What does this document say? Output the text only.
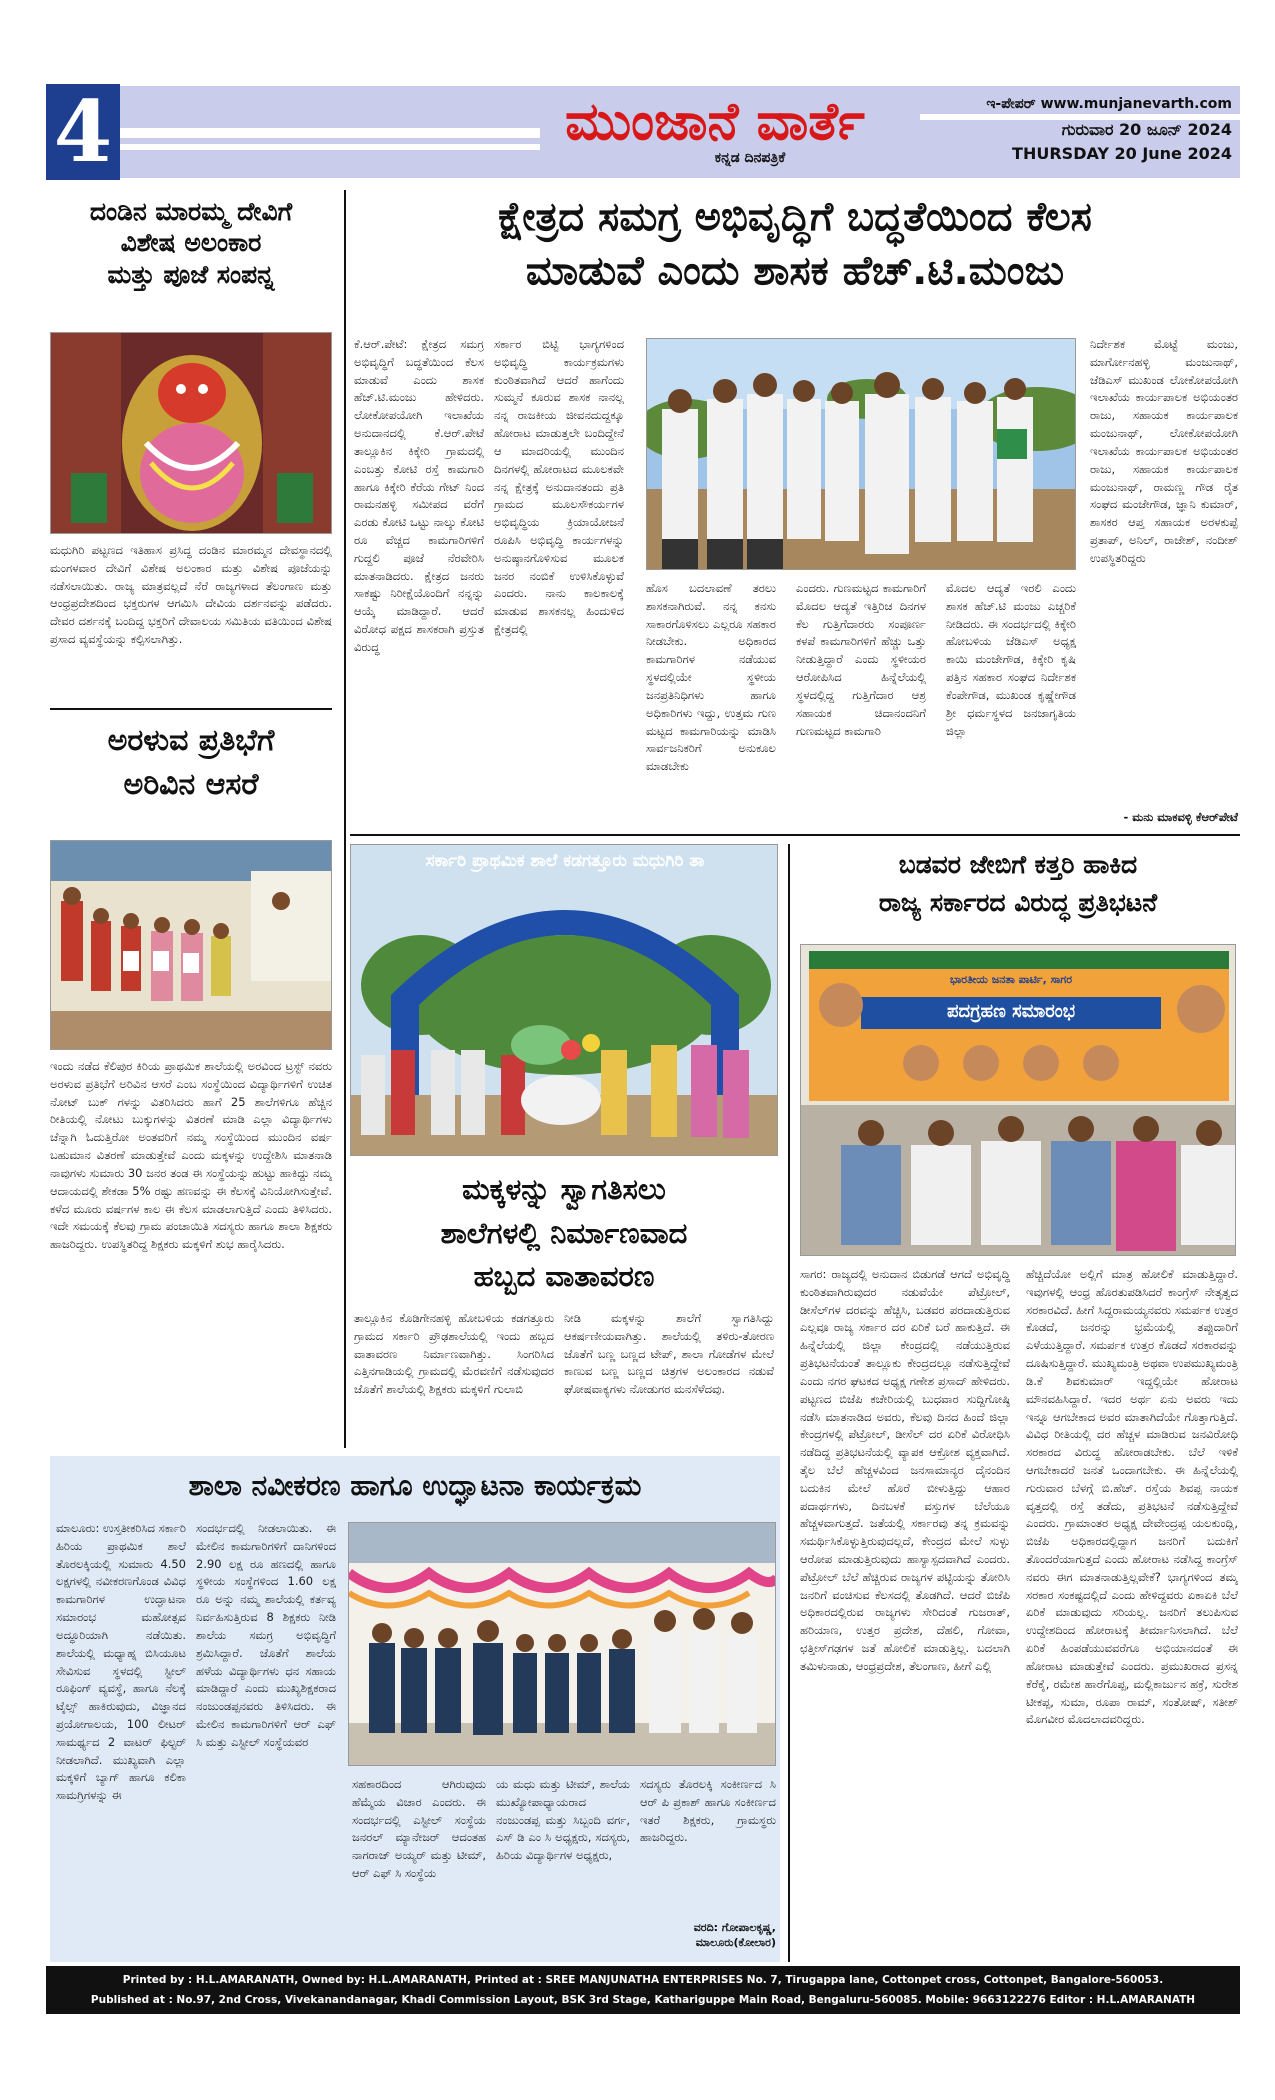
4	ಮುಂಜಾನೆ ವಾರ್ತೆ
ಕನ್ನಡ ದಿನಪತ್ರಿಕೆ
ಇ-ಪೇಪರ್ www.munjanevarth.com
ಗುರುವಾರ 20 ಜೂನ್ 2024
THURSDAY 20 June 2024
ದಂಡಿನ ಮಾರಮ್ಮ ದೇವಿಗೆ
ವಿಶೇಷ ಅಲಂಕಾರ
ಮತ್ತು ಪೂಜೆ ಸಂಪನ್ನ
ಮಧುಗಿರಿ ಪಟ್ಟಣದ ಇತಿಹಾಸ ಪ್ರಸಿದ್ಧ ದಂಡಿನ ಮಾರಮ್ಮನ ದೇವಸ್ಥಾನದಲ್ಲಿ ಮಂಗಳವಾರ ದೇವಿಗೆ ವಿಶೇಷ ಅಲಂಕಾರ ಮತ್ತು ವಿಶೇಷ ಪೂಜೆಯನ್ನು ನಡೆಸಲಾಯಿತು. ರಾಜ್ಯ ಮಾತ್ರವಲ್ಲದೆ ನೆರೆ ರಾಜ್ಯಗಳಾದ ತೆಲಂಗಾಣ ಮತ್ತು ಆಂಧ್ರಪ್ರದೇಶದಿಂದ ಭಕ್ತರುಗಳ ಆಗಮಿಸಿ ದೇವಿಯ ದರ್ಶನವನ್ನು ಪಡೆದರು. ದೇವರ ದರ್ಶನಕ್ಕೆ ಬಂದಿದ್ದ ಭಕ್ತರಿಗೆ ದೇವಾಲಯ ಸಮಿತಿಯ ವತಿಯಿಂದ ವಿಶೇಷ ಪ್ರಸಾದ ವ್ಯವಸ್ಥೆಯನ್ನು ಕಲ್ಪಿಸಲಾಗಿತ್ತು.
ಅರಳುವ ಪ್ರತಿಭೆಗೆ
ಅರಿವಿನ ಆಸರೆ
ಇಂದು ನಡೆದ ಕೆಲಿಪುರ ಕಿರಿಯ ಪ್ರಾಥಮಿಕ ಶಾಲೆಯಲ್ಲಿ ಅರವಿಂದ ಟ್ರಸ್ಟ್ ನವರು ಅರಳುವ ಪ್ರತಿಭೆಗೆ ಅರಿವಿನ ಆಸರೆ ಎಂಬ ಸಂಸ್ಥೆಯಿಂದ ವಿದ್ಯಾರ್ಥಿಗಳಿಗೆ ಉಚಿತ ನೋಟ್ ಬುಕ್ ಗಳನ್ನು ವಿತರಿಸಿದರು ಹಾಗೆ 25 ಶಾಲೆಗಳಿಗೂ ಹೆಚ್ಚಿನ ರೀತಿಯಲ್ಲಿ ನೋಟು ಬುಕ್ಕುಗಳನ್ನು ವಿತರಣೆ ಮಾಡಿ ಎಲ್ಲಾ ವಿದ್ಯಾರ್ಥಿಗಳು ಚೆನ್ನಾಗಿ ಓದುತ್ತಿರೋ ಅಂತವರಿಗೆ ನಮ್ಮ ಸಂಸ್ಥೆಯಿಂದ ಮುಂದಿನ ವರ್ಷ ಬಹುಮಾನ ವಿತರಣೆ ಮಾಡುತ್ತೇವೆ ಎಂದು ಮಕ್ಕಳನ್ನು ಉದ್ದೇಶಿಸಿ ಮಾತನಾಡಿ ನಾವುಗಳು ಸುಮಾರು 30 ಜನರ ತಂಡ ಈ ಸಂಸ್ಥೆಯನ್ನು ಹುಟ್ಟು ಹಾಕಿದ್ದು ನಮ್ಮ ಆದಾಯದಲ್ಲಿ ಶೇಕಡಾ 5% ರಷ್ಟು ಹಣವನ್ನು ಈ ಕೆಲಸಕ್ಕೆ ವಿನಿಯೋಗಿಸುತ್ತೇವೆ. ಕಳೆದ ಮೂರು ವರ್ಷಗಳ ಕಾಲ ಈ ಕೆಲಸ ಮಾಡಲಾಗುತ್ತಿದೆ ಎಂದು ತಿಳಿಸಿದರು. ಇದೇ ಸಮಯಕ್ಕೆ ಕೆಲವು ಗ್ರಾಮ ಪಂಚಾಯಿತಿ ಸದಸ್ಯರು ಹಾಗೂ ಶಾಲಾ ಶಿಕ್ಷಕರು ಹಾಜರಿದ್ದರು. ಉಪಸ್ಥಿತರಿದ್ದ ಶಿಕ್ಷಕರು ಮಕ್ಕಳಿಗೆ ಶುಭ ಹಾರೈಸಿದರು.
ಕ್ಷೇತ್ರದ ಸಮಗ್ರ ಅಭಿವೃದ್ಧಿಗೆ ಬದ್ಧತೆಯಿಂದ ಕೆಲಸ
ಮಾಡುವೆ ಎಂದು ಶಾಸಕ ಹೆಚ್.ಟಿ.ಮಂಜು
ಕೆ.ಆರ್.ಪೇಟೆ: ಕ್ಷೇತ್ರದ ಸಮಗ್ರ ಅಭಿವೃದ್ಧಿಗೆ ಬದ್ಧತೆಯಿಂದ ಕೆಲಸ ಮಾಡುವೆ ಎಂದು ಶಾಸಕ ಹೆಚ್.ಟಿ.ಮಂಜು ಹೇಳಿದರು. ಲೋಕೋಪಯೋಗಿ ಇಲಾಖೆಯ ಅನುದಾನದಲ್ಲಿ ಕೆ.ಆರ್.ಪೇಟೆ ತಾಲ್ಲೂಕಿನ ಕಿಕ್ಕೇರಿ ಗ್ರಾಮದಲ್ಲಿ ಎಂಬತ್ತು ಕೋಟಿ ರಸ್ತೆ ಕಾಮಗಾರಿ ಹಾಗೂ ಕಿಕ್ಕೇರಿ ಕೆರೆಯ ಗೇಟ್ ನಿಂದ ರಾಮನಹಳ್ಳಿ ಸಮೀಪದ ವರೆಗೆ ಎರಡು ಕೋಟಿ ಒಟ್ಟು ನಾಲ್ಕು ಕೋಟಿ ರೂ ವೆಚ್ಚದ ಕಾಮಗಾರಿಗಳಿಗೆ ಗುದ್ದಲಿ ಪೂಜೆ ನೆರವೇರಿಸಿ ಮಾತನಾಡಿದರು. ಕ್ಷೇತ್ರದ ಜನರು ಸಾಕಷ್ಟು ನಿರೀಕ್ಷೆಯೊಂದಿಗೆ ನನ್ನನ್ನು ಆಯ್ಕೆ ಮಾಡಿದ್ದಾರೆ. ಆದರೆ ವಿರೋಧ ಪಕ್ಷದ ಶಾಸಕರಾಗಿ ಪ್ರಸ್ತುತ ವಿರುದ್ಧ
ಸರ್ಕಾರ ಬಿಟ್ಟಿ ಭಾಗ್ಯಗಳಿಂದ ಅಭಿವೃದ್ಧಿ ಕಾರ್ಯಕ್ರಮಗಳು ಕುಂಠಿತವಾಗಿದೆ ಆದರೆ ಹಾಗೆಂದು ಸುಮ್ಮನೆ ಕೂರುವ ಶಾಸಕ ನಾನಲ್ಲ ನನ್ನ ರಾಜಕೀಯ ಜೀವನದುದ್ದಕ್ಕೂ ಹೋರಾಟ ಮಾಡುತ್ತಲೇ ಬಂದಿದ್ದೇನೆ ಆ ಮಾದರಿಯಲ್ಲಿ ಮುಂದಿನ ದಿನಗಳಲ್ಲಿ ಹೋರಾಟದ ಮೂಲಕವೇ ನನ್ನ ಕ್ಷೇತ್ರಕ್ಕೆ ಅನುದಾನತಂದು ಪ್ರತಿ ಗ್ರಾಮದ ಮೂಲಸೌಕರ್ಯಗಳ ಅಭಿವೃದ್ಧಿಯ ಕ್ರಿಯಾಯೋಜನೆ ರೂಪಿಸಿ ಅಭಿವೃದ್ಧಿ ಕಾರ್ಯಗಳನ್ನು ಅನುಷ್ಠಾನಗೊಳಿಸುವ ಮೂಲಕ ಜನರ ನಂಬಿಕೆ ಉಳಿಸಿಕೊಳ್ಳುವೆ ಎಂದರು. ನಾನು ಕಾಲಕಾಲಕ್ಕೆ ಮಾಡುವ ಶಾಸಕನಲ್ಲ ಹಿಂದುಳಿದ ಕ್ಷೇತ್ರದಲ್ಲಿ
ಹೊಸ ಬದಲಾವಣೆ ತರಲು ಶಾಸಕನಾಗಿರುವೆ. ನನ್ನ ಕನಸು ಸಾಕಾರಗೊಳಿಸಲು ಎಲ್ಲರೂ ಸಹಕಾರ ನೀಡಬೇಕು. ಅಧಿಕಾರದ ಕಾಮಗಾರಿಗಳ ನಡೆಯುವ ಸ್ಥಳದಲ್ಲಿಯೇ ಸ್ಥಳೀಯ ಜನಪ್ರತಿನಿಧಿಗಳು ಹಾಗೂ ಅಧಿಕಾರಿಗಳು ಇದ್ದು, ಉತ್ತಮ ಗುಣ ಮಟ್ಟದ ಕಾಮಗಾರಿಯನ್ನು ಮಾಡಿಸಿ ಸಾರ್ವಜನಿಕರಿಗೆ ಅನುಕೂಲ ಮಾಡಬೇಕು
ಎಂದರು. ಗುಣಮಟ್ಟದ ಕಾಮಗಾರಿಗೆ ಮೊದಲ ಆದ್ಯತೆ ಇತ್ತಿರಿಚ ದಿನಗಳ ಕೆಲ ಗುತ್ತಿಗೆದಾರರು ಸಂಪೂರ್ಣ ಕಳಪೆ ಕಾಮಗಾರಿಗಳಿಗೆ ಹೆಚ್ಚು ಒತ್ತು ನೀಡುತ್ತಿದ್ದಾರೆ ಎಂದು ಸ್ಥಳೀಯರ ಆರೋಪಿಸಿದ ಹಿನ್ನೆಲೆಯಲ್ಲಿ ಸ್ಥಳದಲ್ಲಿದ್ದ ಗುತ್ತಿಗೆದಾರ ಆಶ್ರ ಸಹಾಯಕ ಚಿದಾನಂದನಿಗೆ ಗುಣಮಟ್ಟದ ಕಾಮಗಾರಿ
ಮೊದಲ ಆದ್ಯತೆ ಇರಲಿ ಎಂದು ಶಾಸಕ ಹೆಚ್.ಟಿ ಮಂಜು ಎಚ್ಚರಿಕೆ ನೀಡಿದರು. ಈ ಸಂದರ್ಭದಲ್ಲಿ ಕಿಕ್ಕೇರಿ ಹೋಬಳಿಯ ಜೆಡಿಎಸ್ ಅಧ್ಯಕ್ಷ ಕಾಯಿ ಮಂಜೇಗೌಡ, ಕಿಕ್ಕೇರಿ ಕೃಷಿ ಪತ್ತಿನ ಸಹಕಾರ ಸಂಘದ ನಿರ್ದೇಶಕ ಕೆಂಪೇಗೌಡ, ಮುಖಂಡ ಕೃಷ್ಣೇಗೌಡ ಶ್ರೀ ಧರ್ಮಸ್ಥಳದ ಜನಜಾಗೃತಿಯ ಜಿಲ್ಲಾ
ನಿರ್ದೇಶಕ ಮೊಟ್ಟೆ ಮಂಜು, ಮಾರ್ಗೋನಹಳ್ಳಿ ಮಂಜುನಾಥ್, ಜೆಡಿಎಸ್ ಮುಖಂಡ ಲೋಕೋಪಯೋಗಿ ಇಲಾಖೆಯ ಕಾರ್ಯಪಾಲಕ ಅಭಿಯಂತರ ರಾಜು, ಸಹಾಯಕ ಕಾರ್ಯಪಾಲಕ ಮಂಜುನಾಥ್, ಲೋಕೋಪಯೋಗಿ ಇಲಾಖೆಯ ಕಾರ್ಯಪಾಲಕ ಅಭಿಯಂತರ ರಾಜು, ಸಹಾಯಕ ಕಾರ್ಯಪಾಲಕ ಮಂಜುನಾಥ್, ರಾಮಣ್ಣ ಗೌಡ ರೈತ ಸಂಘದ ಮಂಜೇಗೌಡ, ಜ್ಞಾನಿ ಕುಮಾರ್, ಶಾಸಕರ ಆಪ್ತ ಸಹಾಯಕ ಅರಳಕುಪ್ಪೆ ಪ್ರತಾಪ್, ಅನಿಲ್, ರಾಜೇಶ್, ನಂದೀಶ್ ಉಪಸ್ಥಿತರಿದ್ದರು
- ಮನು ಮಾಕವಳ್ಳಿ ಕೆಆರ್‌ಪೇಟೆ
ಸರ್ಕಾರಿ ಪ್ರಾಥಮಿಕ ಶಾಲೆ ಕಡಗತ್ತೂರು ಮಧುಗಿರಿ ತಾ
ಮಕ್ಕಳನ್ನು ಸ್ವಾಗತಿಸಲು
ಶಾಲೆಗಳಲ್ಲಿ ನಿರ್ಮಾಣವಾದ
ಹಬ್ಬದ ವಾತಾವರಣ
ತಾಲ್ಲೂಕಿನ ಕೊಡಿಗೇನಹಳ್ಳಿ ಹೋಬಳಿಯ ಕಡಗತ್ತೂರು ಗ್ರಾಮದ ಸರ್ಕಾರಿ ಪ್ರೌಢಶಾಲೆಯಲ್ಲಿ ಇಂದು ಹಬ್ಬದ ವಾತಾವರಣ ನಿರ್ಮಾಣವಾಗಿತ್ತು. ಸಿಂಗರಿಸಿದ ಎತ್ತಿನಗಾಡಿಯಲ್ಲಿ ಗ್ರಾಮದಲ್ಲಿ ಮೆರವಣಿಗೆ ನಡೆಸುವುದರ ಜೊತೆಗೆ ಶಾಲೆಯಲ್ಲಿ ಶಿಕ್ಷಕರು ಮಕ್ಕಳಿಗೆ ಗುಲಾಬಿ
ನೀಡಿ ಮಕ್ಕಳನ್ನು ಶಾಲೆಗೆ ಸ್ವಾಗತಿಸಿದ್ದು ಆಕರ್ಷಣೀಯವಾಗಿತ್ತು. ಶಾಲೆಯಲ್ಲಿ ತಳಿರು-ತೋರಣ ಜೊತೆಗೆ ಬಣ್ಣ ಬಣ್ಣದ ಟೇಪ್, ಶಾಲಾ ಗೋಡೆಗಳ ಮೇಲೆ ಕಾಣುವ ಬಣ್ಣ ಬಣ್ಣದ ಚಿತ್ರಗಳ ಅಲಂಕಾರದ ನಡುವೆ ಘೋಷವಾಕ್ಯಗಳು ನೋಡುಗರ ಮನಸೆಳೆದವು.
ಬಡವರ ಜೇಬಿಗೆ ಕತ್ತರಿ ಹಾಕಿದ
ರಾಜ್ಯ ಸರ್ಕಾರದ ವಿರುದ್ಧ ಪ್ರತಿಭಟನೆ
ಭಾರತೀಯ ಜನತಾ ಪಾರ್ಟಿ, ಸಾಗರ
ಪದಗ್ರಹಣ ಸಮಾರಂಭ
ಸಾಗರ: ರಾಜ್ಯದಲ್ಲಿ ಅನುದಾನ ಬಿಡುಗಡೆ ಆಗದೆ ಅಭಿವೃದ್ಧಿ ಕುಂಠಿತವಾಗಿರುವುದರ ನಡುವೆಯೇ ಪೆಟ್ರೋಲ್, ಡೀಸೆಲ್‌ಗಳ ದರವನ್ನು ಹೆಚ್ಚಿಸಿ, ಬಡವರ ಪರದಾಡುತ್ತಿರುವ ಎಲ್ಲವೂ ರಾಜ್ಯ ಸರ್ಕಾರ ದರ ಏರಿಕೆ ಬರೆ ಹಾಕುತ್ತಿದೆ. ಈ ಹಿನ್ನೆಲೆಯಲ್ಲಿ ಜಿಲ್ಲಾ ಕೇಂದ್ರದಲ್ಲಿ ನಡೆಯುತ್ತಿರುವ ಪ್ರತಿಭಟನೆಯಂತೆ ತಾಲ್ಲೂಕು ಕೇಂದ್ರದಲ್ಲೂ ನಡೆಸುತ್ತಿದ್ದೇವೆ ಎಂದು ನಗರ ಘಟಕದ ಅಧ್ಯಕ್ಷ ಗಣೇಶ ಪ್ರಸಾದ್ ಹೇಳಿದರು. ಪಟ್ಟಣದ ಬಿಜೆಪಿ ಕಚೇರಿಯಲ್ಲಿ ಬುಧವಾರ ಸುದ್ದಿಗೋಷ್ಠಿ ನಡೆಸಿ ಮಾತನಾಡಿದ ಅವರು, ಕೆಲವು ದಿನದ ಹಿಂದೆ ಜಿಲ್ಲಾ ಕೇಂದ್ರಗಳಲ್ಲಿ ಪೆಟ್ರೋಲ್, ಡೀಸೆಲ್ ದರ ಏರಿಕೆ ವಿರೋಧಿಸಿ ನಡೆದಿದ್ದ ಪ್ರತಿಭಟನೆಯಲ್ಲಿ ವ್ಯಾಪಕ ಆಕ್ರೋಶ ವ್ಯಕ್ತವಾಗಿದೆ. ತೈಲ ಬೆಲೆ ಹೆಚ್ಚಳವಿಂದ ಜನಸಾಮಾನ್ಯರ ದೈನಂದಿನ ಬದುಕಿನ ಮೇಲೆ ಹೊರೆ ಬೀಳುತ್ತಿದ್ದು ಆಹಾರ ಪದಾರ್ಥಗಳು, ದಿನಬಳಕೆ ವಸ್ತುಗಳ ಬೆಲೆಯೂ ಹೆಚ್ಚಳವಾಗುತ್ತದೆ. ಜತೆಯಲ್ಲಿ ಸರ್ಕಾರವು ತನ್ನ ಕ್ರಮವನ್ನು ಸಮರ್ಥಿಸಿಕೊಳ್ಳುತ್ತಿರುವುದಲ್ಲದೆ, ಕೇಂದ್ರದ ಮೇಲೆ ಸುಳ್ಳು ಆರೋಪ ಮಾಡುತ್ತಿರುವುದು ಹಾಸ್ಯಾಸ್ಪದವಾಗಿದೆ ಎಂದರು. ಪೆಟ್ರೋಲ್ ಬೆಲೆ ಹೆಚ್ಚಿರುವ ರಾಜ್ಯಗಳ ಪಟ್ಟಿಯನ್ನು ತೋರಿಸಿ ಜನರಿಗೆ ವಂಚಿಸುವ ಕೆಲಸದಲ್ಲಿ ತೊಡಗಿದೆ. ಆದರೆ ಬಿಜೆಪಿ ಅಧಿಕಾರದಲ್ಲಿರುವ ರಾಜ್ಯಗಳು ಸೇರಿದಂತೆ ಗುಜರಾತ್, ಹರಿಯಾಣ, ಉತ್ತರ ಪ್ರದೇಶ, ದೆಹಲಿ, ಗೋವಾ, ಛತ್ತೀಸ್‌ಗಢಗಳ ಜತೆ ಹೋಲಿಕೆ ಮಾಡುತ್ತಿಲ್ಲ. ಬದಲಾಗಿ ತಮಿಳುನಾಡು, ಆಂಧ್ರಪ್ರದೇಶ, ತೆಲಂಗಾಣ, ಹೀಗೆ ಎಲ್ಲಿ
ಹೆಚ್ಚಿದೆಯೋ ಅಲ್ಲಿಗೆ ಮಾತ್ರ ಹೋಲಿಕೆ ಮಾಡುತ್ತಿದ್ದಾರೆ. ಇವುಗಳಲ್ಲಿ ಆಂಧ್ರ ಹೊರತುಪಡಿಸಿದರೆ ಕಾಂಗ್ರೆಸ್ ನೇತೃತ್ವದ ಸರಕಾರವಿದೆ. ಹೀಗೆ ಸಿದ್ದರಾಮಯ್ಯನವರು ಸಮರ್ಪಕ ಉತ್ತರ ಕೊಡದೆ, ಜನರನ್ನು ಭ್ರಮೆಯಲ್ಲಿ ತಪ್ಪುದಾರಿಗೆ ಎಳೆಯುತ್ತಿದ್ದಾರೆ. ಸಮರ್ಪಕ ಉತ್ತರ ಕೊಡದೆ ಸರಕಾರವನ್ನು ದೂಷಿಸುತ್ತಿದ್ದಾರೆ. ಮುಖ್ಯಮಂತ್ರಿ ಅಥವಾ ಉಪಮುಖ್ಯಮಂತ್ರಿ ಡಿ.ಕೆ ಶಿವಕುಮಾರ್ ಇದ್ದಲ್ಲಿಯೇ ಹೋರಾಟ ಮೌನವಹಿಸಿದ್ದಾರೆ. ಇದರ ಅರ್ಥ ಏನು ಅವರು ಇದು ಇನ್ನೂ ಆಗಬೇಕಾದ ಅವರ ಮಾತಾಗಿದೆಯೇ ಗೊತ್ತಾಗುತ್ತಿದೆ. ವಿವಿಧ ರೀತಿಯಲ್ಲಿ ದರ ಹೆಚ್ಚಳ ಮಾಡಿರುವ ಜನವಿರೋಧಿ ಸರಕಾರದ ವಿರುದ್ಧ ಹೋರಾಡಬೇಕು. ಬೆಲೆ ಇಳಿಕೆ ಆಗಬೇಕಾದರೆ ಜನತೆ ಒಂದಾಗಬೇಕು. ಈ ಹಿನ್ನೆಲೆಯಲ್ಲಿ ಗುರುವಾರ ಬೆಳಗ್ಗೆ ಬಿ.ಹೆಚ್. ರಸ್ತೆಯ ಶಿವಪ್ಪ ನಾಯಕ ವೃತ್ತದಲ್ಲಿ ರಸ್ತೆ ತಡೆದು, ಪ್ರತಿಭಟನೆ ನಡೆಸುತ್ತಿದ್ದೇವೆ ಎಂದರು. ಗ್ರಾಮಾಂತರ ಅಧ್ಯಕ್ಷ ದೇವೇಂದ್ರಪ್ಪ ಯಲಕುಂದ್ಲಿ, ಬಿಜೆಪಿ ಅಧಿಕಾರದಲ್ಲಿದ್ದಾಗ ಜನರಿಗೆ ಬದುಕಿಗೆ ತೊಂದರೆಯಾಗುತ್ತದೆ ಎಂದು ಹೋರಾಟ ನಡೆಸಿದ್ದ ಕಾಂಗ್ರೆಸ್ ನವರು ಈಗ ಮಾತನಾಡುತ್ತಿಲ್ಲವೇಕೆ? ಭಾಗ್ಯಗಳಿಂದ ತಮ್ಮ ಸರಕಾರ ಸಂಕಷ್ಟದಲ್ಲಿದೆ ಎಂದು ಹೇಳಿದ್ದವರು ಏಕಾಏಕಿ ಬೆಲೆ ಏರಿಕೆ ಮಾಡುವುದು ಸರಿಯಲ್ಲ. ಜನರಿಗೆ ತಲುಪಿಸುವ ಉದ್ದೇಶದಿಂದ ಹೋರಾಟಕ್ಕೆ ತೀರ್ಮಾನಿಸಲಾಗಿದೆ. ಬೆಲೆ ಏರಿಕೆ ಹಿಂಪಡೆಯುವವರೆಗೂ ಅಭಿಯಾನದಂತೆ ಈ ಹೋರಾಟ ಮಾಡುತ್ತೇವೆ ಎಂದರು. ಪ್ರಮುಖರಾದ ಪ್ರಸನ್ನ ಕೆರೆಕೈ, ರಮೇಶ ಹಾರೆಗೊಪ್ಪ, ಮಲ್ಲಿಕಾರ್ಜುನ ಹಕ್ರೆ, ಸುರೇಶ ಟೀಕಪ್ಪ, ಸುಮಾ, ರೂಪಾ ರಾಮ್, ಸಂತೋಷ್, ಸತೀಶ್ ಮೊಗವೀರ ಮೊದಲಾದವರಿದ್ದರು.
ಶಾಲಾ ನವೀಕರಣ ಹಾಗೂ ಉದ್ಘಾಟನಾ ಕಾರ್ಯಕ್ರಮ
ಮಾಲೂರು: ಉಸ್ತತೀಕರಿಸಿದ ಸರ್ಕಾರಿ ಹಿರಿಯ ಪ್ರಾಥಮಿಕ ಶಾಲೆ ತೊರಲಕ್ಕಿಯಲ್ಲಿ ಸುಮಾರು 4.50 ಲಕ್ಷಗಳಲ್ಲಿ ನವೀಕರಣಗೊಂಡ ವಿವಿಧ ಕಾಮಗಾರಿಗಳ ಉದ್ಘಾಟನಾ ಸಮಾರಂಭ ಮಹೋತ್ಸವ ಅದ್ಧೂರಿಯಾಗಿ ನಡೆಯಿತು. ಶಾಲೆಯಲ್ಲಿ ಮಧ್ಯಾಹ್ನ ಬಿಸಿಯೂಟ ಸೇವಿಸುವ ಸ್ಥಳದಲ್ಲಿ ಸ್ಟೀಲ್ ರೂಫಿಂಗ್ ವ್ಯವಸ್ಥೆ, ಹಾಗೂ ನೆಲಕ್ಕೆ ಟೈಲ್ಸ್ ಹಾಕಿರುವುದು, ವಿಜ್ಞಾನದ ಪ್ರಯೋಗಾಲಯ, 100 ಲೀಟರ್ ಸಾಮರ್ಥ್ಯದ 2 ವಾಟರ್ ಫಿಲ್ಟರ್ ನೀಡಲಾಗಿದೆ. ಮುಖ್ಯವಾಗಿ ಎಲ್ಲಾ ಮಕ್ಕಳಿಗೆ ಬ್ಯಾಗ್ ಹಾಗೂ ಕಲಿಕಾ ಸಾಮಗ್ರಿಗಳನ್ನು ಈ
ಸಂದರ್ಭದಲ್ಲಿ ನೀಡಲಾಯಿತು. ಈ ಮೇಲಿನ ಕಾಮಗಾರಿಗಳಿಗೆ ದಾನಿಗಳಿಂದ 2.90 ಲಕ್ಷ ರೂ ಹಣದಲ್ಲಿ ಹಾಗೂ ಸ್ಥಳೀಯ ಸಂಸ್ಥೆಗಳಿಂದ 1.60 ಲಕ್ಷ ರೂ ಅನ್ನು ನಮ್ಮ ಶಾಲೆಯಲ್ಲಿ ಕರ್ತವ್ಯ ನಿರ್ವಹಿಸುತ್ತಿರುವ 8 ಶಿಕ್ಷಕರು ನೀಡಿ ಶಾಲೆಯ ಸಮಗ್ರ ಅಭಿವೃದ್ಧಿಗೆ ಶ್ರಮಿಸಿದ್ದಾರೆ. ಜೊತೆಗೆ ಶಾಲೆಯ ಹಳೆಯ ವಿದ್ಯಾರ್ಥಿಗಳು ಧನ ಸಹಾಯ ಮಾಡಿದ್ದಾರೆ ಎಂದು ಮುಖ್ಯಶಿಕ್ಷಕರಾದ ನಂಜುಂಡಪ್ಪನವರು ತಿಳಿಸಿದರು. ಈ ಮೇಲಿನ ಕಾಮಗಾರಿಗಳಿಗೆ ಆರ್ ಎಫ್ ಸಿ ಮತ್ತು ಎಸ್ಟೀಲ್ ಸಂಸ್ಥೆಯವರ
ಸಹಕಾರದಿಂದ ಆಗಿರುವುದು ಹೆಮ್ಮೆಯ ವಿಚಾರ ಎಂದರು. ಈ ಸಂದರ್ಭದಲ್ಲಿ ಎಸ್ಟೀಲ್ ಸಂಸ್ಥೆಯ ಜನರಲ್ ಮ್ಯಾನೇಜರ್ ಆದಂತಹ ನಾಗರಾಜ್ ಅಯ್ಯರ್ ಮತ್ತು ಟೀಮ್, ಆರ್ ಎಫ್ ಸಿ ಸಂಸ್ಥೆಯ
ಯ ಮಧು ಮತ್ತು ಟೀಮ್, ಶಾಲೆಯ ಮುಖ್ಯೋಪಾಧ್ಯಾಯರಾದ ನಂಜುಂಡಪ್ಪ ಮತ್ತು ಸಿಬ್ಬಂದಿ ವರ್ಗ, ಎಸ್ ಡಿ ಎಂ ಸಿ ಅಧ್ಯಕ್ಷರು, ಸದಸ್ಯರು, ಹಿರಿಯ ವಿದ್ಯಾರ್ಥಿಗಳ ಅಧ್ಯಕ್ಷರು,
ಸದಸ್ಯರು ತೊರಲಕ್ಕಿ ಸಂಕೀರ್ಣದ ಸಿ ಆರ್ ಪಿ ಪ್ರಕಾಶ್ ಹಾಗೂ ಸಂಕೀರ್ಣದ ಇತರೆ ಶಿಕ್ಷಕರು, ಗ್ರಾಮಸ್ಥರು ಹಾಜರಿದ್ದರು.
ವರದಿ: ಗೋಪಾಲಕೃಷ್ಣ, ಮಾಲೂರು(ಕೋಲಾರ)
Printed by : H.L.AMARANATH, Owned by: H.L.AMARANATH, Printed at : SREE MANJUNATHA ENTERPRISES No. 7, Tirugappa lane, Cottonpet cross, Cottonpet, Bangalore-560053.
Published at : No.97, 2nd Cross, Vivekanandanagar, Khadi Commission Layout, BSK 3rd Stage, Kathariguppe Main Road, Bengaluru-560085. Mobile: 9663122276 Editor : H.L.AMARANATH
